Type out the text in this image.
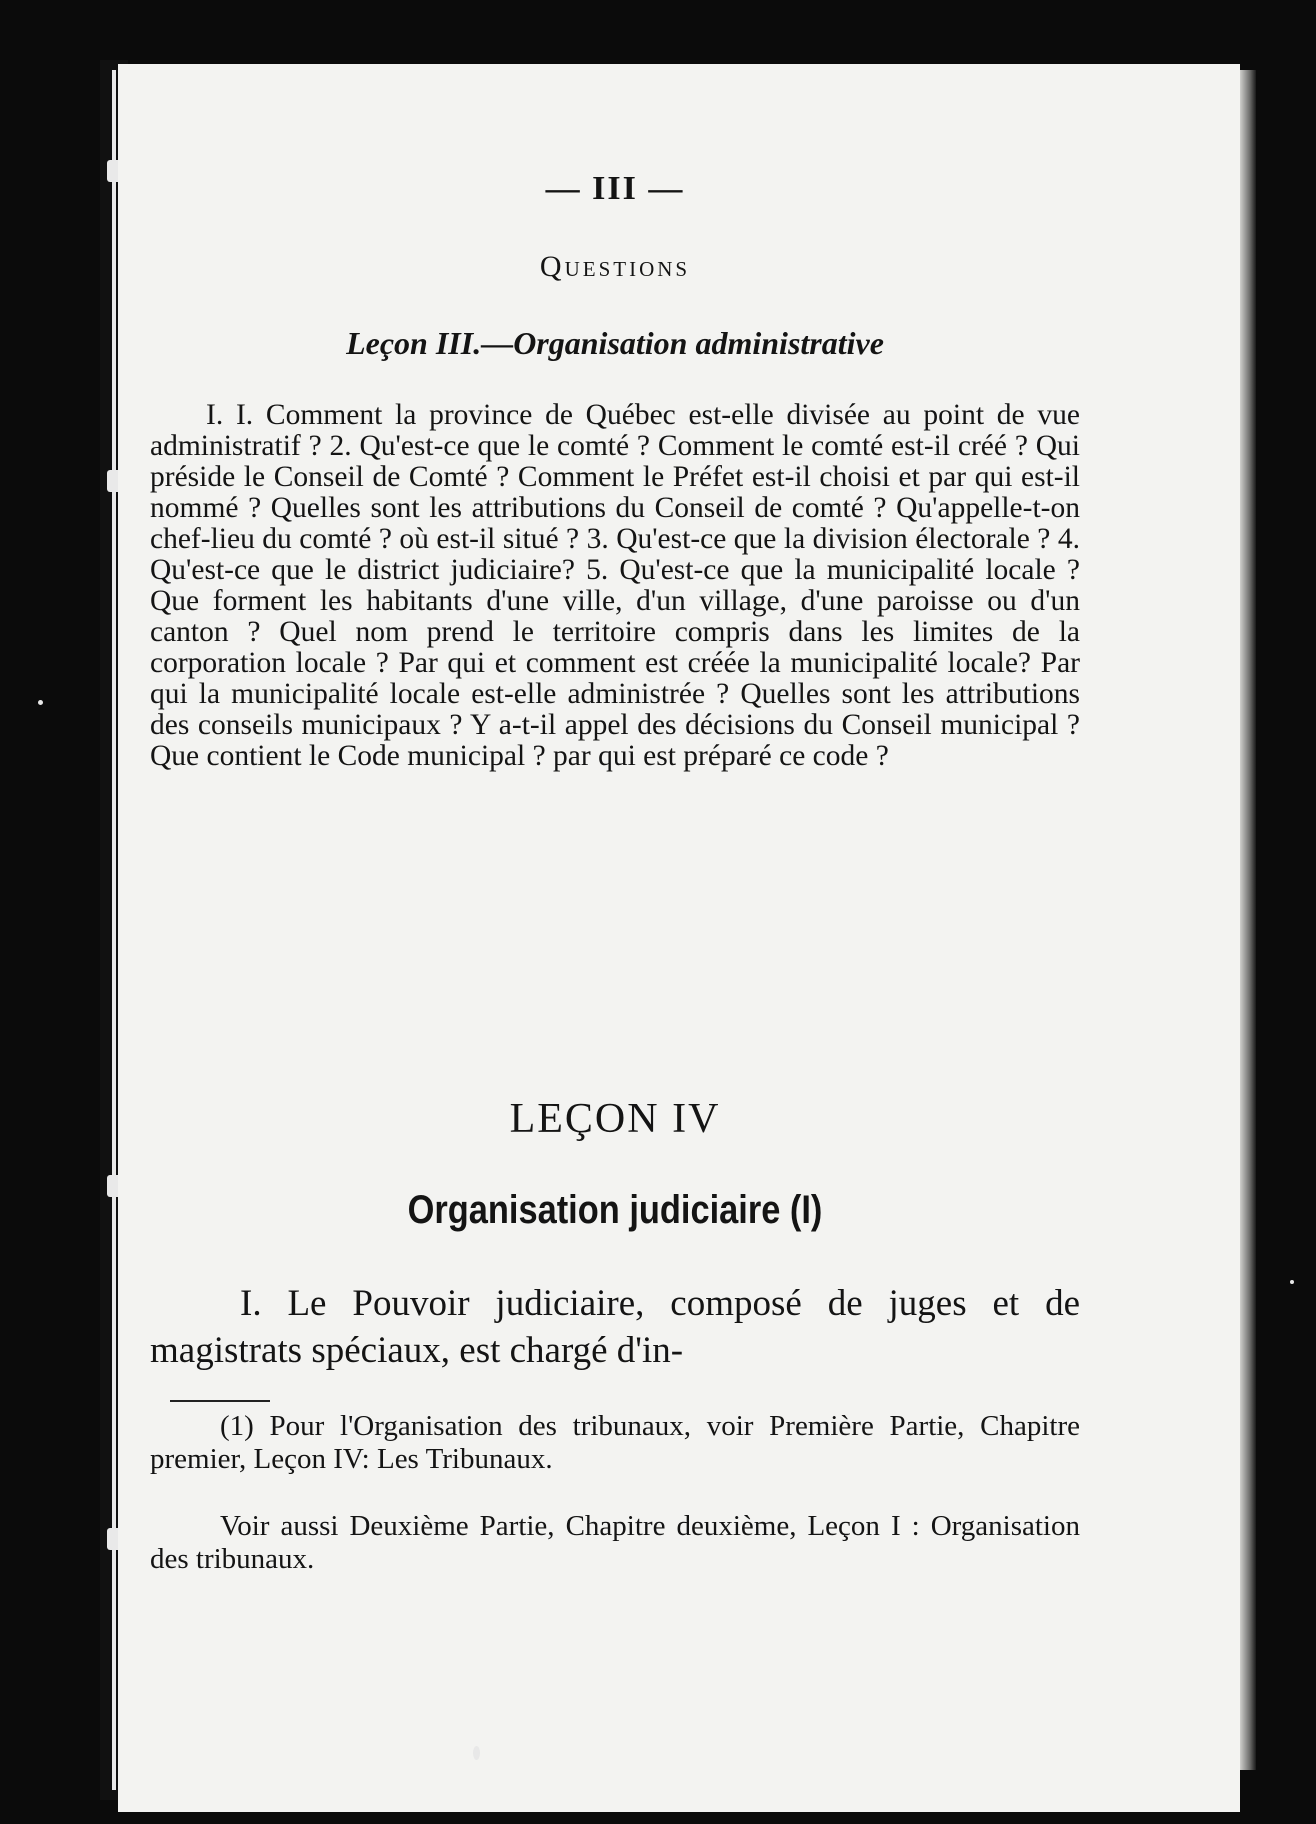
— III —
Questions
Leçon III.—Organisation administrative

I. I. Comment la province de Québec est-elle divisée au point de vue administratif ? 2. Qu'est-ce que le comté ? Comment le comté est-il créé ? Qui préside le Conseil de Comté ? Comment le Préfet est-il choisi et par qui est-il nommé ? Quelles sont les attributions du Conseil de comté ? Qu'appelle-t-on chef-lieu du comté ? où est-il situé ? 3. Qu'est-ce que la division électorale ? 4. Qu'est-ce que le district judiciaire? 5. Qu'est-ce que la municipalité locale ? Que forment les habitants d'une ville, d'un village, d'une paroisse ou d'un canton ? Quel nom prend le territoire compris dans les limites de la corporation locale ? Par qui et comment est créée la municipalité locale? Par qui la municipalité locale est-elle administrée ? Quelles sont les attributions des conseils municipaux ? Y a-t-il appel des décisions du Conseil municipal ? Que contient le Code municipal ? par qui est préparé ce code ?

LEÇON IV
Organisation judiciaire (I)

I. Le Pouvoir judiciaire, composé de juges et de magistrats spéciaux, est chargé d'in-

(1) Pour l'Organisation des tribunaux, voir Première Partie, Chapitre premier, Leçon IV: Les Tribunaux.

Voir aussi Deuxième Partie, Chapitre deuxième, Leçon I : Organisation des tribunaux.
